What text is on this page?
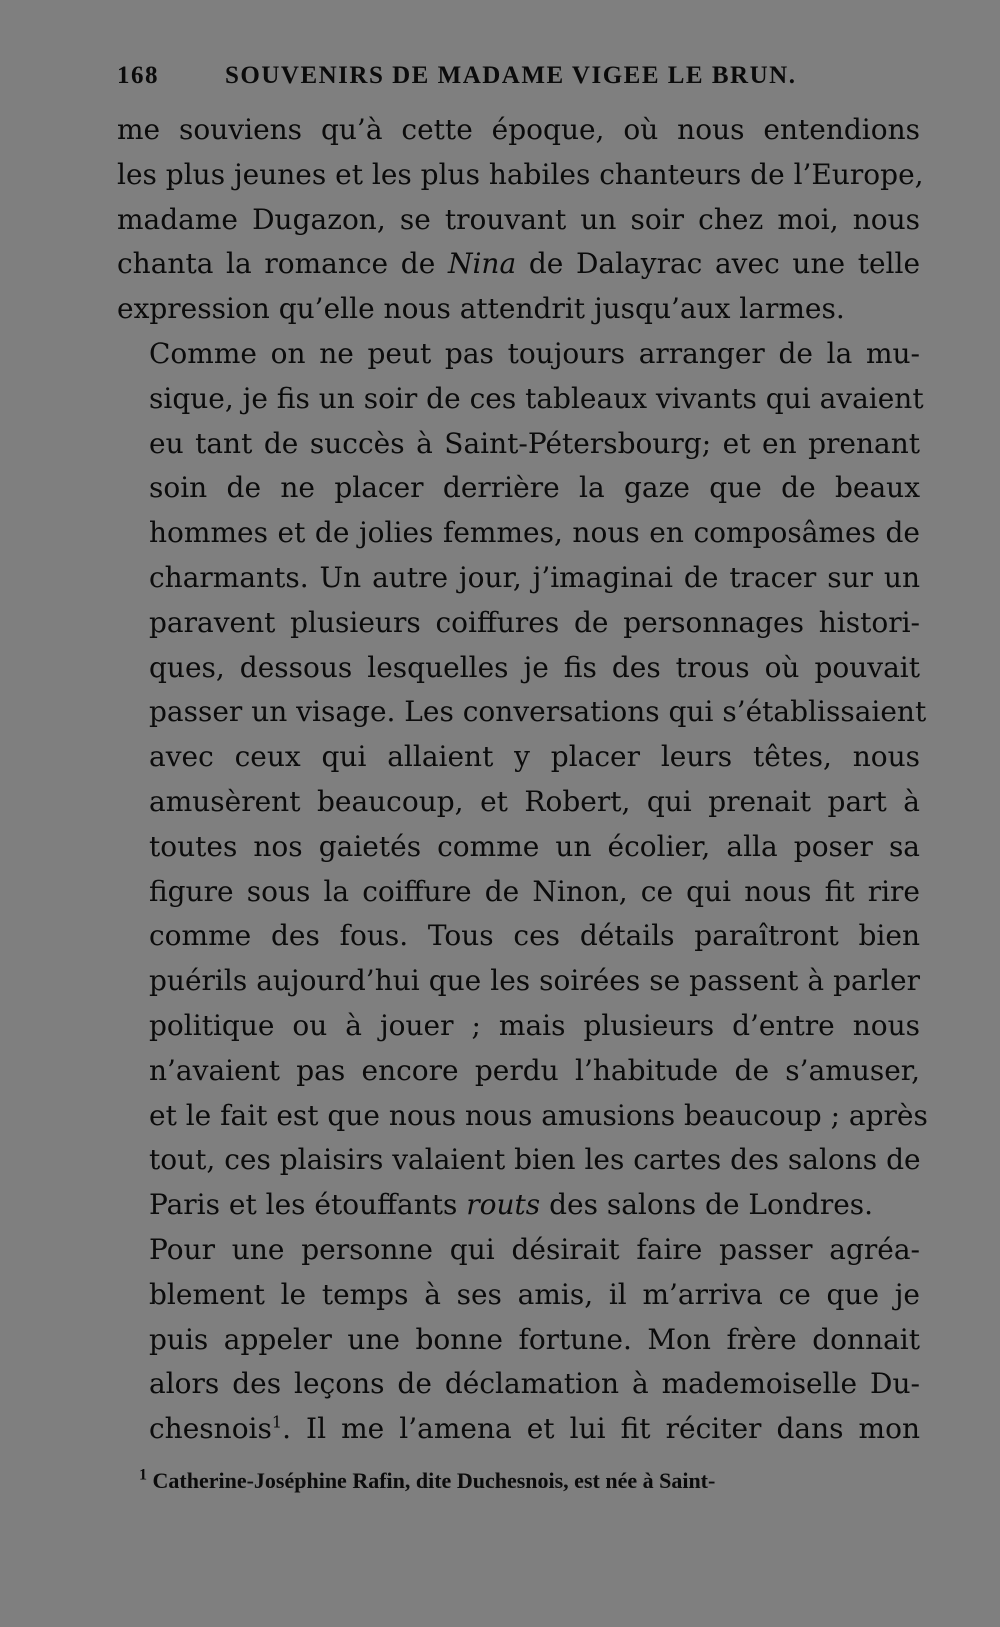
168	SOUVENIRS DE MADAME VIGEE LE BRUN.

me souviens qu’à cette époque, où nous entendions
les plus jeunes et les plus habiles chanteurs de l’Europe,
madame Dugazon, se trouvant un soir chez moi, nous
chanta la romance de Nina de Dalayrac avec une telle
expression qu’elle nous attendrit jusqu’aux larmes.

Comme on ne peut pas toujours arranger de la mu-
sique, je fis un soir de ces tableaux vivants qui avaient
eu tant de succès à Saint-Pétersbourg; et en prenant
soin de ne placer derrière la gaze que de beaux
hommes et de jolies femmes, nous en composâmes de
charmants. Un autre jour, j’imaginai de tracer sur un
paravent plusieurs coiffures de personnages histori-
ques, dessous lesquelles je fis des trous où pouvait
passer un visage. Les conversations qui s’établissaient
avec ceux qui allaient y placer leurs têtes, nous
amusèrent beaucoup, et Robert, qui prenait part à
toutes nos gaietés comme un écolier, alla poser sa
figure sous la coiffure de Ninon, ce qui nous fit rire
comme des fous. Tous ces détails paraîtront bien
puérils aujourd’hui que les soirées se passent à parler
politique ou à jouer ; mais plusieurs d’entre nous
n’avaient pas encore perdu l’habitude de s’amuser,
et le fait est que nous nous amusions beaucoup ; après
tout, ces plaisirs valaient bien les cartes des salons de
Paris et les étouffants routs des salons de Londres.

Pour une personne qui désirait faire passer agréa-
blement le temps à ses amis, il m’arriva ce que je
puis appeler une bonne fortune. Mon frère donnait
alors des leçons de déclamation à mademoiselle Du-
chesnois$^1$. Il me l’amena et lui fit réciter dans mon

$^1$ Catherine-Joséphine Rafin, dite Duchesnois, est née à Saint-
